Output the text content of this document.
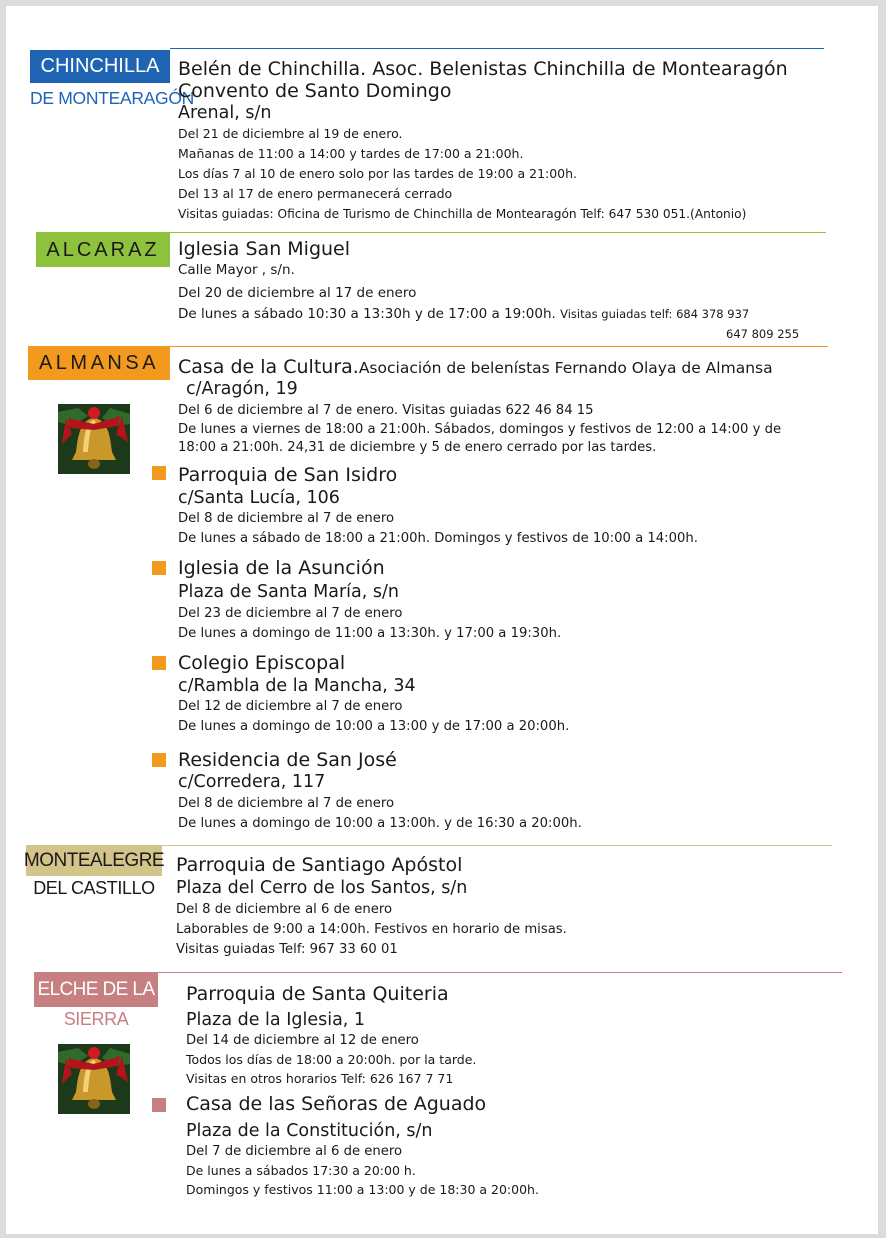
CHINCHILLA
DE MONTEARAGÓN
Belén de Chinchilla. Asoc. Belenistas Chinchilla de Montearagón
Convento de Santo Domingo
Arenal, s/n
Del 21 de diciembre al 19 de enero.
Mañanas de 11:00 a 14:00 y tardes de 17:00 a 21:00h.
Los días 7 al 10 de enero solo por las tardes de 19:00 a 21:00h.
Del 13 al 17 de enero permanecerá cerrado
Visitas guiadas: Oficina de Turismo de Chinchilla de Montearagón Telf: 647 530 051.(Antonio)
ALCARAZ Iglesia San Miguel
Calle Mayor , s/n.
Del 20 de diciembre al 17 de enero
De lunes a sábado 10:30 a 13:30h y de 17:00 a 19:00h. Visitas guiadas telf: 684 378 937
647 809 255
ALMANSA Casa de la Cultura.Asociación de belenístas Fernando Olaya de Almansa
c/Aragón, 19
Del 6 de diciembre al 7 de enero. Visitas guiadas 622 46 84 15
De lunes a viernes de 18:00 a 21:00h. Sábados, domingos y festivos de 12:00 a 14:00 y de
18:00 a 21:00h. 24,31 de diciembre y 5 de enero cerrado por las tardes.
Parroquia de San Isidro
c/Santa Lucía, 106
Del 8 de diciembre al 7 de enero
De lunes a sábado de 18:00 a 21:00h. Domingos y festivos de 10:00 a 14:00h.
Iglesia de la Asunción
Plaza de Santa María, s/n
Del 23 de diciembre al 7 de enero
De lunes a domingo de 11:00 a 13:30h. y 17:00 a 19:30h.
Colegio Episcopal
c/Rambla de la Mancha, 34
Del 12 de diciembre al 7 de enero
De lunes a domingo de 10:00 a 13:00 y de 17:00 a 20:00h.
Residencia de San José
c/Corredera, 117
Del 8 de diciembre al 7 de enero
De lunes a domingo de 10:00 a 13:00h. y de 16:30 a 20:00h.
MONTEALEGRE
DEL CASTILLO
Parroquia de Santiago Apóstol
Plaza del Cerro de los Santos, s/n
Del 8 de diciembre al 6 de enero
Laborables de 9:00 a 14:00h. Festivos en horario de misas.
Visitas guiadas Telf: 967 33 60 01
ELCHE DE LA
SIERRA
Parroquia de Santa Quiteria
Plaza de la Iglesia, 1
Del 14 de diciembre al 12 de enero
Todos los días de 18:00 a 20:00h. por la tarde.
Visitas en otros horarios Telf: 626 167 7 71
Casa de las Señoras de Aguado
Plaza de la Constitución, s/n
Del 7 de diciembre al 6 de enero
De lunes a sábados 17:30 a 20:00 h.
Domingos y festivos 11:00 a 13:00 y de 18:30 a 20:00h.
